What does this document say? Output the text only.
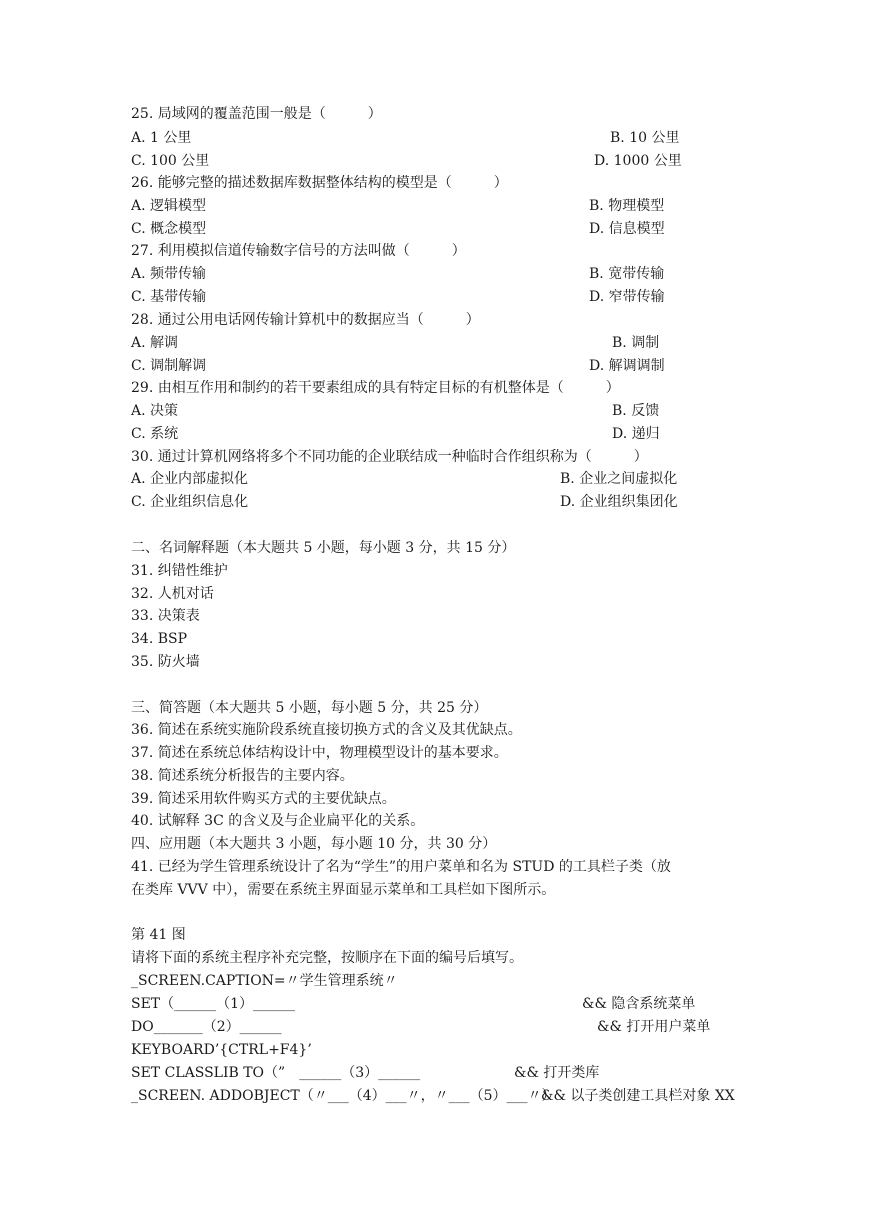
25. 局域网的覆盖范围一般是（　　　）
A. 1 公里	B. 10 公里
C. 100 公里	D. 1000 公里
26. 能够完整的描述数据库数据整体结构的模型是（　　　）
A. 逻辑模型	B. 物理模型
C. 概念模型	D. 信息模型
27. 利用模拟信道传输数字信号的方法叫做（　　　）
A. 频带传输	B. 宽带传输
C. 基带传输	D. 窄带传输
28. 通过公用电话网传输计算机中的数据应当（　　　）
A. 解调	B. 调制
C. 调制解调	D. 解调调制
29. 由相互作用和制约的若干要素组成的具有特定目标的有机整体是（　　　）
A. 决策	B. 反馈
C. 系统	D. 递归
30. 通过计算机网络将多个不同功能的企业联结成一种临时合作组织称为（　　　）
A. 企业内部虚拟化	B. 企业之间虚拟化
C. 企业组织信息化	D. 企业组织集团化
二、名词解释题（本大题共 5 小题，每小题 3 分，共 15 分）
31. 纠错性维护
32. 人机对话
33. 决策表
34. BSP
35. 防火墙
三、简答题（本大题共 5 小题，每小题 5 分，共 25 分）
36. 简述在系统实施阶段系统直接切换方式的含义及其优缺点。
37. 简述在系统总体结构设计中，物理模型设计的基本要求。
38. 简述系统分析报告的主要内容。
39. 简述采用软件购买方式的主要优缺点。
40. 试解释 3C 的含义及与企业扁平化的关系。
四、应用题（本大题共 3 小题，每小题 10 分，共 30 分）
41. 已经为学生管理系统设计了名为“学生”的用户菜单和名为 STUD 的工具栏子类（放
在类库 VVV 中），需要在系统主界面显示菜单和工具栏如下图所示。
第 41 图
请将下面的系统主程序补充完整，按顺序在下面的编号后填写。
_SCREEN.CAPTION=〃学生管理系统〃
SET（______（1）______	&& 隐含系统菜单
DO_______（2）______	&& 打开用户菜单
KEYBOARD’{CTRL+F4}’
SET CLASSLIB TO（”　______（3）______	&& 打开类库
_SCREEN. ADDOBJECT（〃___（4）___〃，〃___（5）___〃）
&& 以子类创建工具栏对象 XX
